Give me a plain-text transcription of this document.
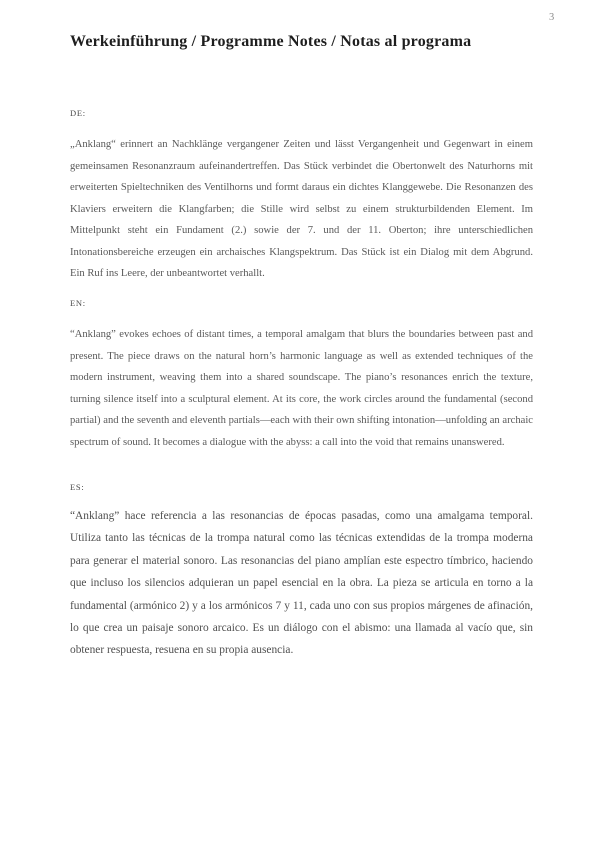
3
Werkeinführung / Programme Notes / Notas al programa
DE:

„Anklang“ erinnert an Nachklänge vergangener Zeiten und lässt Vergangenheit und Gegenwart in einem gemeinsamen Resonanzraum aufeinandertreffen. Das Stück verbindet die Obertonwelt des Naturhorns mit erweiterten Spieltechniken des Ventilhorns und formt daraus ein dichtes Klanggewebe. Die Resonanzen des Klaviers erweitern die Klangfarben; die Stille wird selbst zu einem strukturbildenden Element. Im Mittelpunkt steht ein Fundament (2.) sowie der 7. und der 11. Oberton; ihre unterschiedlichen Intonationsbereiche erzeugen ein archaisches Klangspektrum. Das Stück ist ein Dialog mit dem Abgrund. Ein Ruf ins Leere, der unbeantwortet verhallt.

EN:

“Anklang” evokes echoes of distant times, a temporal amalgam that blurs the boundaries between past and present. The piece draws on the natural horn’s harmonic language as well as extended techniques of the modern instrument, weaving them into a shared soundscape. The piano’s resonances enrich the texture, turning silence itself into a sculptural element. At its core, the work circles around the fundamental (second partial) and the seventh and eleventh partials—each with their own shifting intonation—unfolding an archaic spectrum of sound. It becomes a dialogue with the abyss: a call into the void that remains unanswered.

ES:

“Anklang” hace referencia a las resonancias de épocas pasadas, como una amalgama temporal. Utiliza tanto las técnicas de la trompa natural como las técnicas extendidas de la trompa moderna para generar el material sonoro. Las resonancias del piano amplían este espectro tímbrico, haciendo que incluso los silencios adquieran un papel esencial en la obra. La pieza se articula en torno a la fundamental (armónico 2) y a los armónicos 7 y 11, cada uno con sus propios márgenes de afinación, lo que crea un paisaje sonoro arcaico. Es un diálogo con el abismo: una llamada al vacío que, sin obtener respuesta, resuena en su propia ausencia.
